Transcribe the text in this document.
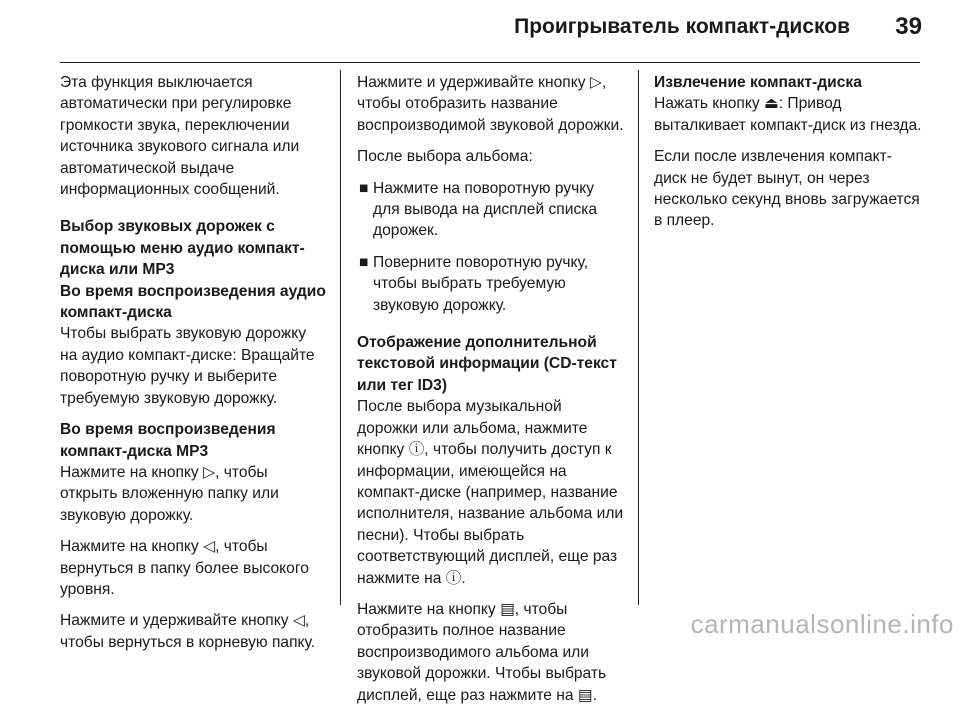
Проигрыватель компакт-дисков 39

Эта функция выключается автоматически при регулировке громкости звука, переключении источника звукового сигнала или автоматической выдаче информационных сообщений.

Выбор звуковых дорожек с помощью меню аудио компакт-диска или MP3

Во время воспроизведения аудио компакт-диска

Чтобы выбрать звуковую дорожку на аудио компакт-диске: Вращайте поворотную ручку и выберите требуемую звуковую дорожку.

Во время воспроизведения компакт-диска MP3

Нажмите на кнопку ▷, чтобы открыть вложенную папку или звуковую дорожку.

Нажмите на кнопку ◁, чтобы вернуться в папку более высокого уровня.

Нажмите и удерживайте кнопку ◁, чтобы вернуться в корневую папку.

Нажмите и удерживайте кнопку ▷, чтобы отобразить название воспроизводимой звуковой дорожки.

После выбора альбома:

■ Нажмите на поворотную ручку для вывода на дисплей списка дорожек.
■ Поверните поворотную ручку, чтобы выбрать требуемую звуковую дорожку.

Отображение дополнительной текстовой информации (CD-текст или тег ID3)

После выбора музыкальной дорожки или альбома, нажмите кнопку ⓘ, чтобы получить доступ к информации, имеющейся на компакт-диске (например, название исполнителя, название альбома или песни). Чтобы выбрать соответствующий дисплей, еще раз нажмите на ⓘ.

Нажмите на кнопку ▤, чтобы отобразить полное название воспроизводимого альбома или звуковой дорожки. Чтобы выбрать дисплей, еще раз нажмите на ▤.

Извлечение компакт-диска

Нажать кнопку ⏏: Привод выталкивает компакт-диск из гнезда.

Если после извлечения компакт-диск не будет вынут, он через несколько секунд вновь загружается в плеер.

carmanualsonline.info
